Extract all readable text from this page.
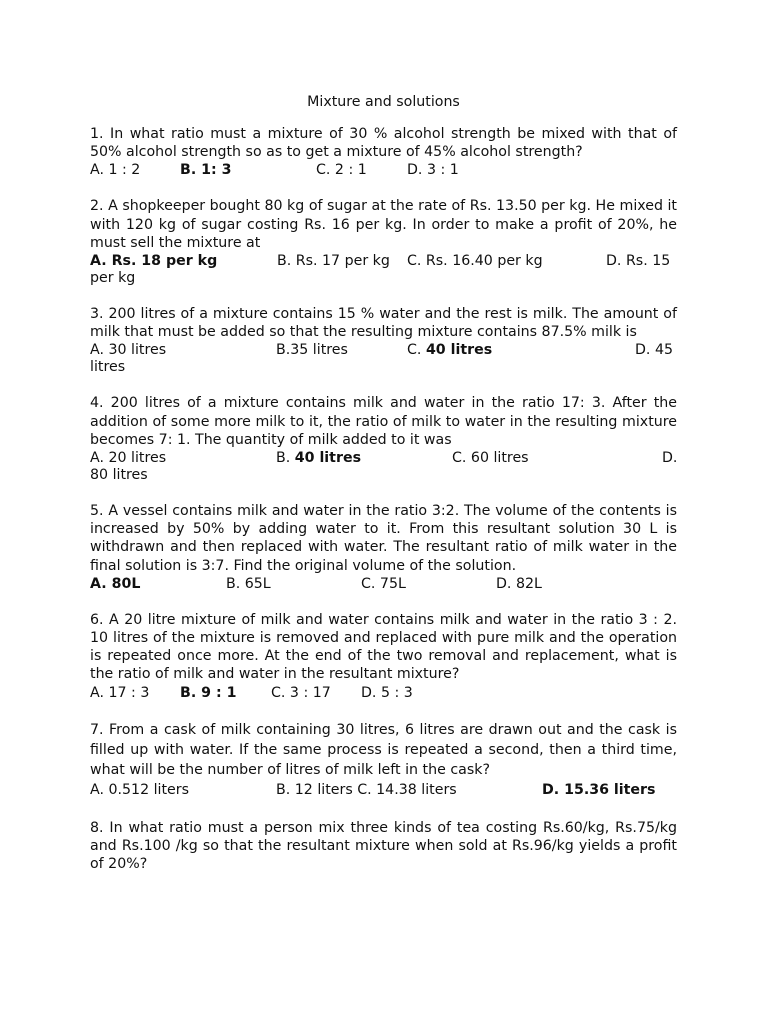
Mixture and solutions

1. In what ratio must a mixture of 30 % alcohol strength be mixed with that of 50% alcohol strength so as to get a mixture of 45% alcohol strength?

A. 1 : 2	B. 1: 3	C. 2 : 1	D. 3 : 1

2. A shopkeeper bought 80 kg of sugar at the rate of Rs. 13.50 per kg. He mixed it with 120 kg of sugar costing Rs. 16 per kg. In order to make a profit of 20%, he must sell the mixture at

A. Rs. 18 per kg	B. Rs. 17 per kg C. Rs. 16.40 per kg	D. Rs. 15
per kg

3. 200 litres of a mixture contains 15 % water and the rest is milk. The amount of milk that must be added so that the resulting mixture contains 87.5% milk is

A. 30 litres	B.35 litres	C. 40 litres	D. 45
litres

4. 200 litres of a mixture contains milk and water in the ratio 17: 3. After the addition of some more milk to it, the ratio of milk to water in the resulting mixture becomes 7: 1. The quantity of milk added to it was

A. 20 litres	B. 40 litres	C. 60 litres	D.
80 litres

5. A vessel contains milk and water in the ratio 3:2. The volume of the contents is increased by 50% by adding water to it. From this resultant solution 30 L is withdrawn and then replaced with water. The resultant ratio of milk water in the final solution is 3:7. Find the original volume of the solution.

A. 80L	B. 65L	C. 75L	D. 82L

6. A 20 litre mixture of milk and water contains milk and water in the ratio 3 : 2. 10 litres of the mixture is removed and replaced with pure milk and the operation is repeated once more. At the end of the two removal and replacement, what is the ratio of milk and water in the resultant mixture?

A. 17 : 3 B. 9 : 1 C. 3 : 17 D. 5 : 3

7. From a cask of milk containing 30 litres, 6 litres are drawn out and the cask is filled up with water. If the same process is repeated a second, then a third time, what will be the number of litres of milk left in the cask?

A. 0.512 liters	B. 12 liters C. 14.38 liters	D. 15.36 liters

8. In what ratio must a person mix three kinds of tea costing Rs.60/kg, Rs.75/kg and Rs.100 /kg so that the resultant mixture when sold at Rs.96/kg yields a profit of 20%?
